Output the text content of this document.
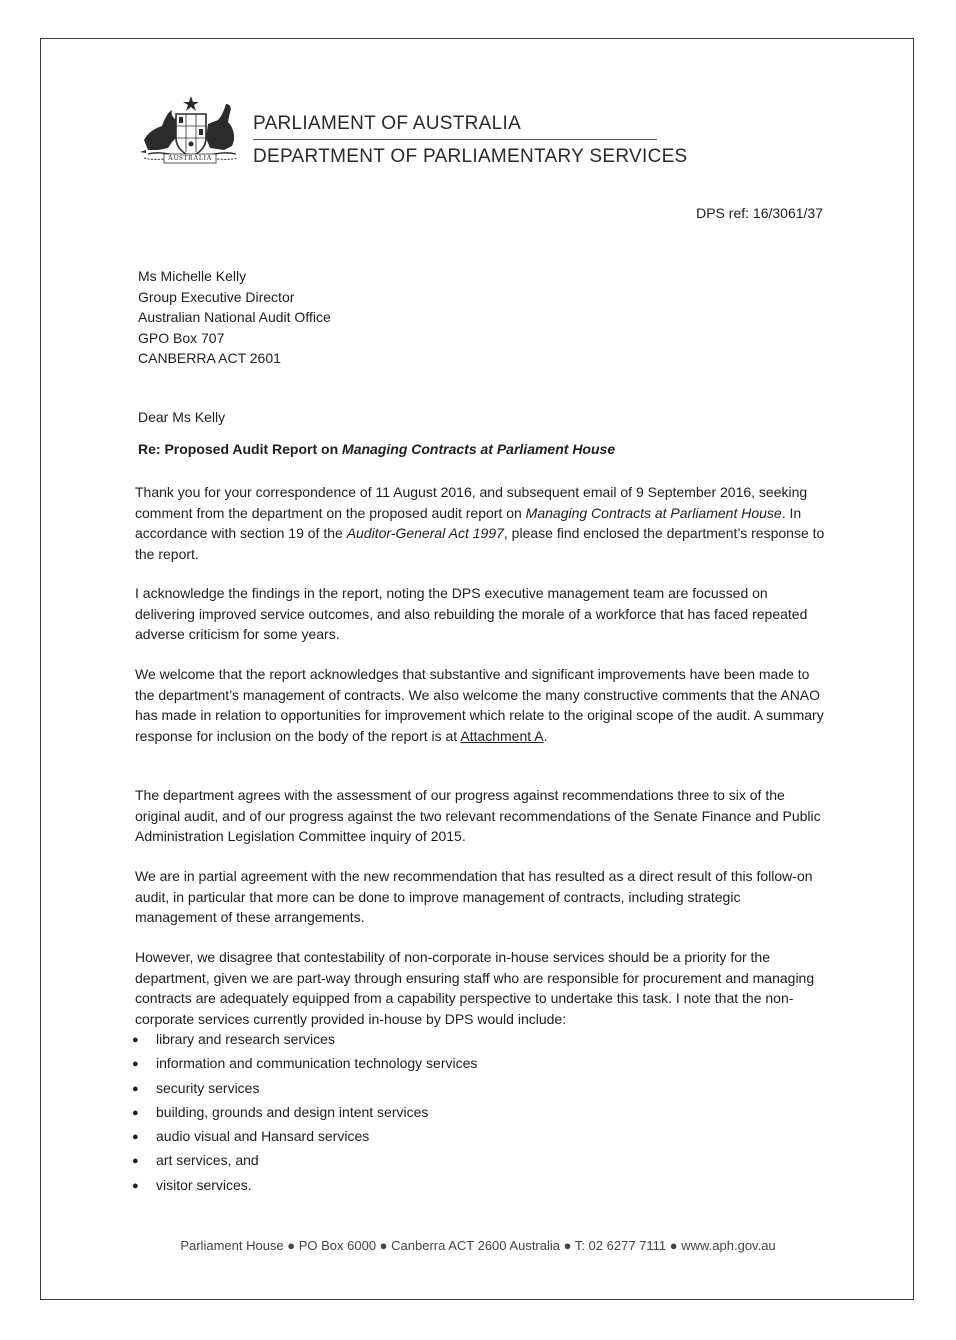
AUSTRALIA
PARLIAMENT OF AUSTRALIA
DEPARTMENT OF PARLIAMENTARY SERVICES
DPS ref: 16/3061/37
Ms Michelle Kelly
Group Executive Director
Australian National Audit Office
GPO Box 707
CANBERRA ACT 2601
Dear Ms Kelly
Re: Proposed Audit Report on Managing Contracts at Parliament House

Thank you for your correspondence of 11 August 2016, and subsequent email of 9 September 2016, seeking comment from the department on the proposed audit report on Managing Contracts at Parliament House. In accordance with section 19 of the Auditor-General Act 1997, please find enclosed the department’s response to the report.

I acknowledge the findings in the report, noting the DPS executive management team are focussed on delivering improved service outcomes, and also rebuilding the morale of a workforce that has faced repeated adverse criticism for some years.

We welcome that the report acknowledges that substantive and significant improvements have been made to the department’s management of contracts. We also welcome the many constructive comments that the ANAO has made in relation to opportunities for improvement which relate to the original scope of the audit. A summary response for inclusion on the body of the report is at Attachment A.

The department agrees with the assessment of our progress against recommendations three to six of the original audit, and of our progress against the two relevant recommendations of the Senate Finance and Public Administration Legislation Committee inquiry of 2015.

We are in partial agreement with the new recommendation that has resulted as a direct result of this follow-on audit, in particular that more can be done to improve management of contracts, including strategic management of these arrangements.

However, we disagree that contestability of non-corporate in-house services should be a priority for the department, given we are part-way through ensuring staff who are responsible for procurement and managing contracts are adequately equipped from a capability perspective to undertake this task. I note that the non-corporate services currently provided in-house by DPS would include:

● library and research services
● information and communication technology services
● security services
● building, grounds and design intent services
● audio visual and Hansard services
● art services, and
● visitor services.
Parliament House ● PO Box 6000 ● Canberra ACT 2600 Australia ● T: 02 6277 7111 ● www.aph.gov.au
